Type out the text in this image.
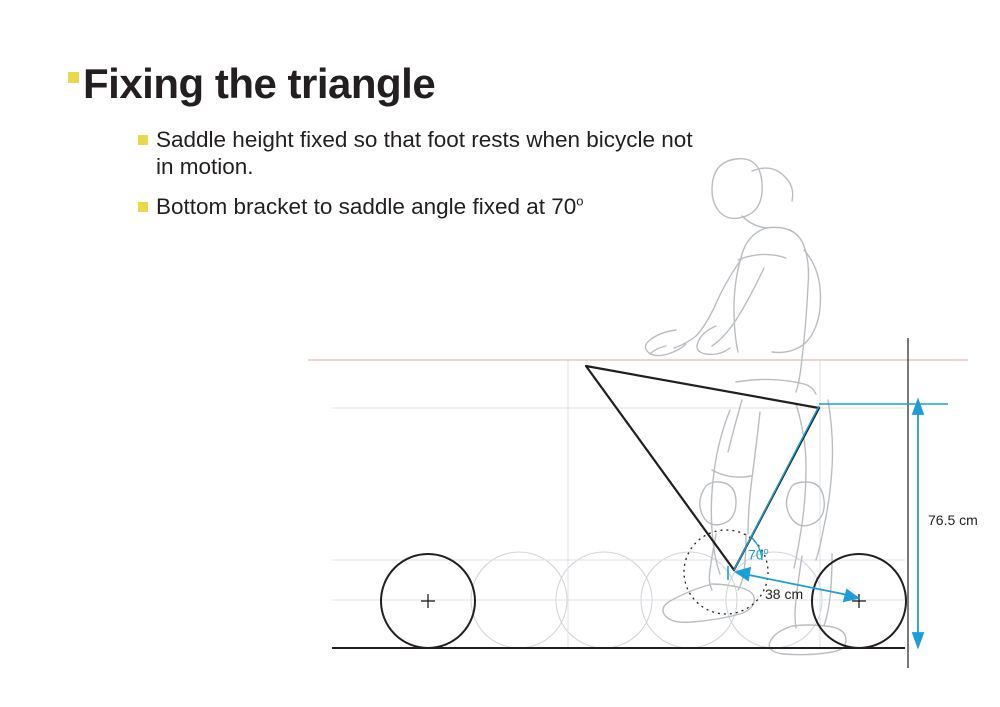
Fixing the triangle
Saddle height fixed so that foot rests when bicycle not in motion.
Bottom bracket to saddle angle fixed at 70$^o$
76.5 cm
38 cm
70$^o$
